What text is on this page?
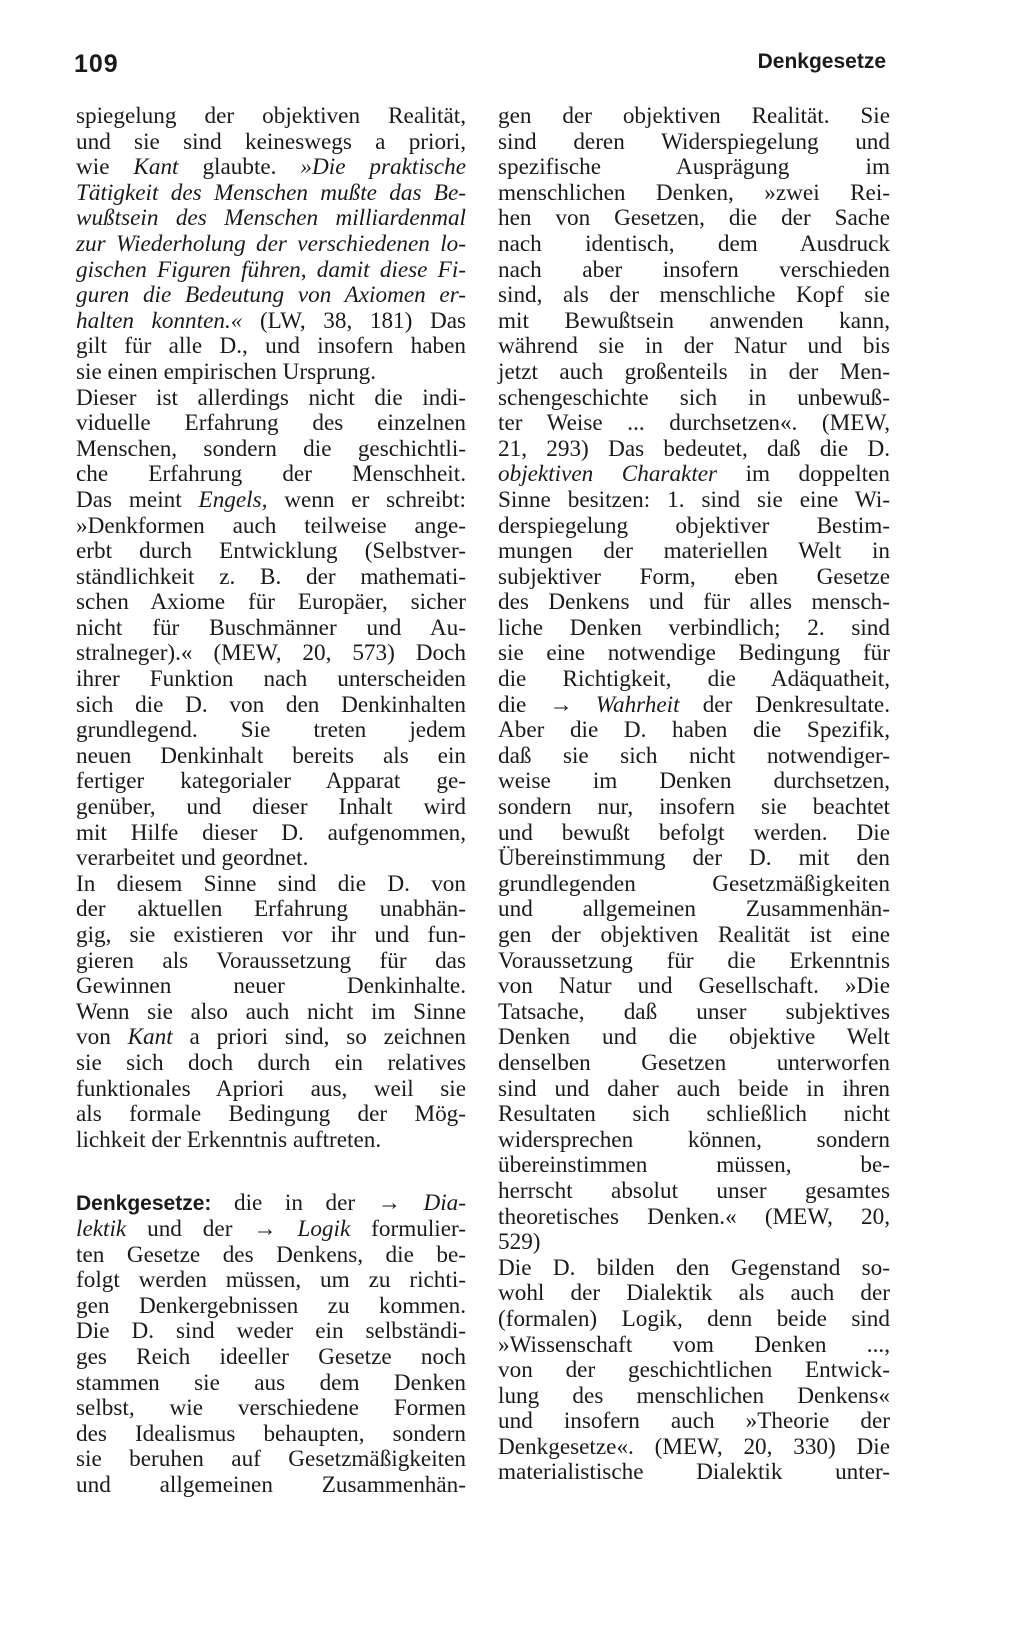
109	Denkgesetze
spiegelung der objektiven Realität,
und sie sind keineswegs a priori,
wie Kant glaubte. »Die praktische
Tätigkeit des Menschen mußte das Be-
wußtsein des Menschen milliardenmal
zur Wiederholung der verschiedenen lo-
gischen Figuren führen, damit diese Fi-
guren die Bedeutung von Axiomen er-
halten konnten.« (LW, 38, 181) Das
gilt für alle D., und insofern haben
sie einen empirischen Ursprung.
Dieser ist allerdings nicht die indi-
viduelle Erfahrung des einzelnen
Menschen, sondern die geschichtli-
che Erfahrung der Menschheit.
Das meint Engels, wenn er schreibt:
»Denkformen auch teilweise ange-
erbt durch Entwicklung (Selbstver-
ständlichkeit z. B. der mathemati-
schen Axiome für Europäer, sicher
nicht für Buschmänner und Au-
stralneger).« (MEW, 20, 573) Doch
ihrer Funktion nach unterscheiden
sich die D. von den Denkinhalten
grundlegend. Sie treten jedem
neuen Denkinhalt bereits als ein
fertiger kategorialer Apparat ge-
genüber, und dieser Inhalt wird
mit Hilfe dieser D. aufgenommen,
verarbeitet und geordnet.
In diesem Sinne sind die D. von
der aktuellen Erfahrung unabhän-
gig, sie existieren vor ihr und fun-
gieren als Voraussetzung für das
Gewinnen neuer Denkinhalte.
Wenn sie also auch nicht im Sinne
von Kant a priori sind, so zeichnen
sie sich doch durch ein relatives
funktionales Apriori aus, weil sie
als formale Bedingung der Mög-
lichkeit der Erkenntnis auftreten.
Denkgesetze: die in der → Dia-
lektik und der → Logik formulier-
ten Gesetze des Denkens, die be-
folgt werden müssen, um zu richti-
gen Denkergebnissen zu kommen.
Die D. sind weder ein selbständi-
ges Reich ideeller Gesetze noch
stammen sie aus dem Denken
selbst, wie verschiedene Formen
des Idealismus behaupten, sondern
sie beruhen auf Gesetzmäßigkeiten
und allgemeinen Zusammenhän-
gen der objektiven Realität. Sie
sind deren Widerspiegelung und
spezifische Ausprägung im
menschlichen Denken, »zwei Rei-
hen von Gesetzen, die der Sache
nach identisch, dem Ausdruck
nach aber insofern verschieden
sind, als der menschliche Kopf sie
mit Bewußtsein anwenden kann,
während sie in der Natur und bis
jetzt auch großenteils in der Men-
schengeschichte sich in unbewuß-
ter Weise ... durchsetzen«. (MEW,
21, 293) Das bedeutet, daß die D.
objektiven Charakter im doppelten
Sinne besitzen: 1. sind sie eine Wi-
derspiegelung objektiver Bestim-
mungen der materiellen Welt in
subjektiver Form, eben Gesetze
des Denkens und für alles mensch-
liche Denken verbindlich; 2. sind
sie eine notwendige Bedingung für
die Richtigkeit, die Adäquatheit,
die → Wahrheit der Denkresultate.
Aber die D. haben die Spezifik,
daß sie sich nicht notwendiger-
weise im Denken durchsetzen,
sondern nur, insofern sie beachtet
und bewußt befolgt werden. Die
Übereinstimmung der D. mit den
grundlegenden Gesetzmäßigkeiten
und allgemeinen Zusammenhän-
gen der objektiven Realität ist eine
Voraussetzung für die Erkenntnis
von Natur und Gesellschaft. »Die
Tatsache, daß unser subjektives
Denken und die objektive Welt
denselben Gesetzen unterworfen
sind und daher auch beide in ihren
Resultaten sich schließlich nicht
widersprechen können, sondern
übereinstimmen müssen, be-
herrscht absolut unser gesamtes
theoretisches Denken.« (MEW, 20,
529)
Die D. bilden den Gegenstand so-
wohl der Dialektik als auch der
(formalen) Logik, denn beide sind
»Wissenschaft vom Denken ...,
von der geschichtlichen Entwick-
lung des menschlichen Denkens«
und insofern auch »Theorie der
Denkgesetze«. (MEW, 20, 330) Die
materialistische Dialektik unter-
